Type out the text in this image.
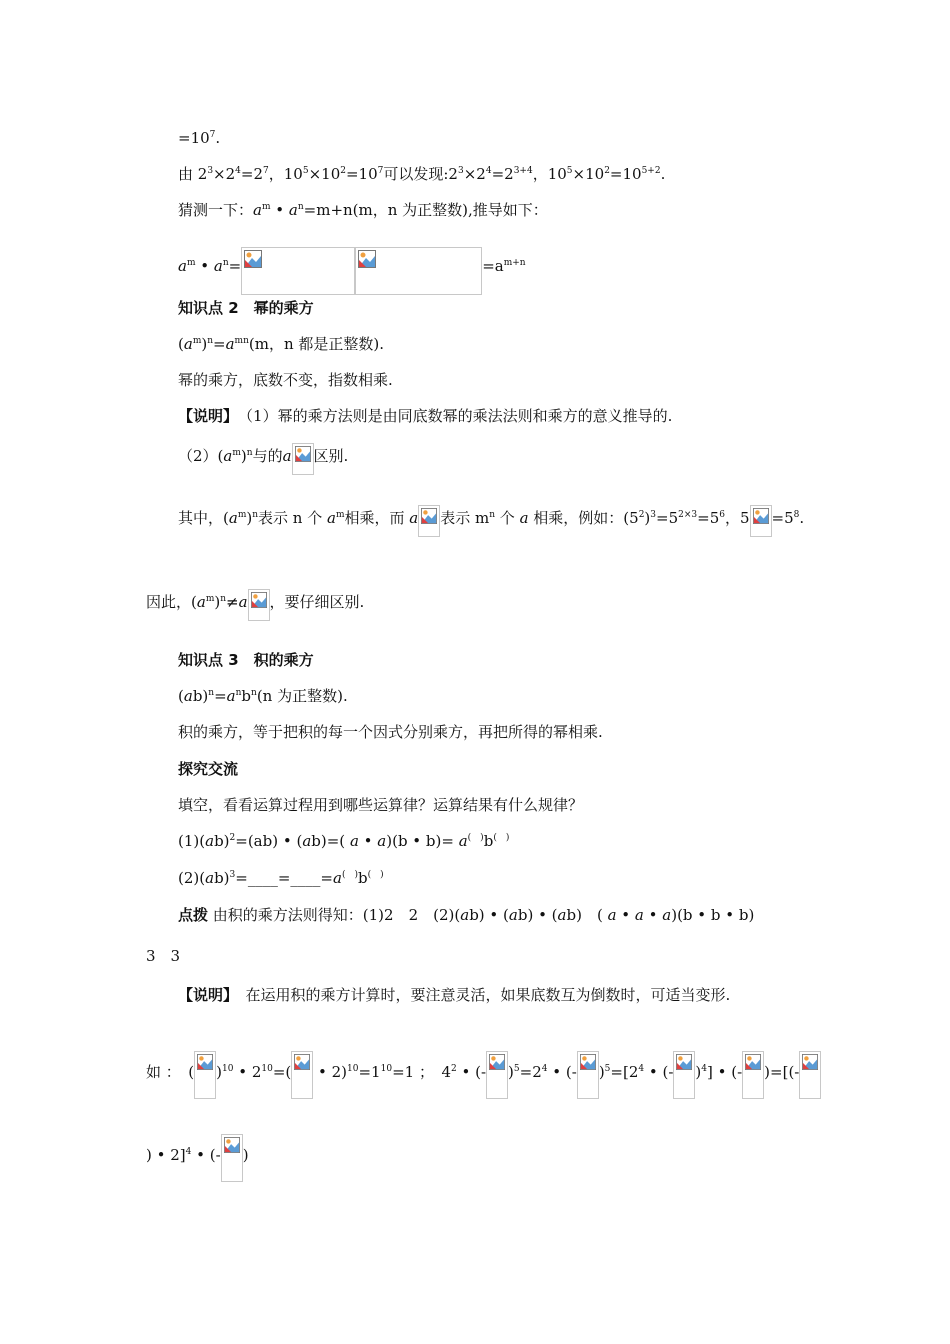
$=10^7$.
由 $2^3\times 2^4=2^7$，$10^5\times 10^2=10^7$可以发现$:2^3\times 2^4=2^{3+4}$，$10^5\times 10^2=10^{5+2}$.
猜测一下：$a^m$ • $a^n=m+n(m$，n 为正整数),推导如下：
$a^m$ • $a^n=$	$=a^{m+n}$
知识点 2　幂的乘方
$(a^m)^n=a^{mn}(m$，n 都是正整数).
幂的乘方，底数不变，指数相乘.
【说明】　 （1）幂的乘方法则是由同底数幂的乘法法则和乘方的意义推导的.
$(2)(a^m)^n$与的a 区别.
其中，$(a^m)^n$表示 n 个 $a^m$相乘，而 a 表示 $m^n$ 个 a 相乘，例如：$(5^2)^3=5^{2\times 3}=5^6$，$5 =5^8$.
因此，$(a^m)^n\ne a$ ，要仔细区别.
知识点 3　积的乘方
$(ab)^n=a^nb^n(n$ 为正整数).
积的乘方，等于把积的每一个因式分别乘方，再把所得的幂相乘.
探究交流
填空，看看运算过程用到哪些运算律？运算结果有什么规律？
(1)(ab)$^2$=(ab) • (ab)=( a • a)(b • b)= a(　)b(　)
(2)(ab)$^3$=____=____=a(　)b(　)
点拨 由积的乘方法则得知：(1)2　2　(2)(ab) • (ab) • (ab)　( a • a • a)(b • b • b)
3　3
【说明】　 在运用积的乘方计算时，要注意灵活，如果底数互为倒数时，可适当变形.
如 ：　( )$^{10}$ • $2^{10}=$(
• $2)^{10}=1^{10}=1$ ；　$4^2$ • (- )$^5=2^4$ • (- )$^5=[2^4$ • (- )$^4$] • (- )=[(-
) • 2]$^4$ • (- )
